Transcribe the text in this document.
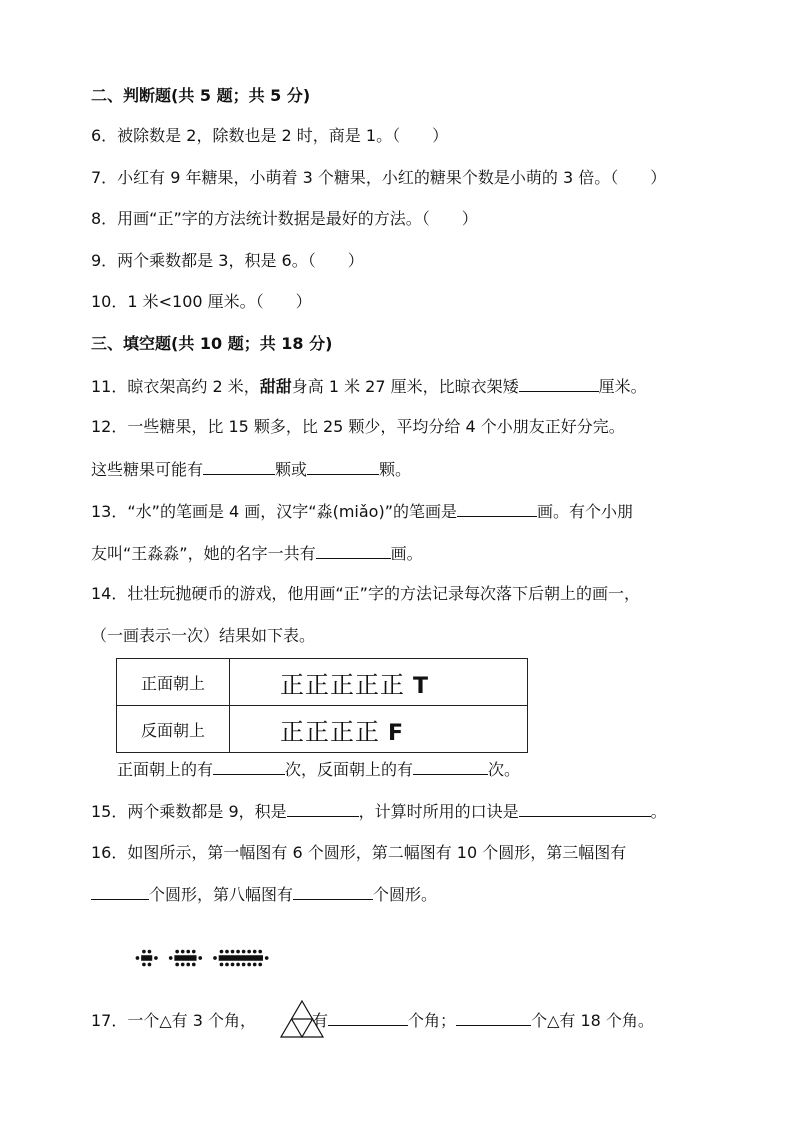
二、判断题(共 5 题；共 5 分)
6．被除数是 2，除数也是 2 时，商是 1。（　　）
7．小红有 9 年糖果，小萌着 3 个糖果，小红的糖果个数是小萌的 3 倍。（　　）
8．用画“正”字的方法统计数据是最好的方法。（　　）
9．两个乘数都是 3，积是 6。（　　）
10．1 米<100 厘米。（　　）
三、填空题(共 10 题；共 18 分)
11．晾衣架高约 2 米，甜甜身高 1 米 27 厘米，比晾衣架矮	厘米。
12．一些糖果，比 15 颗多，比 25 颗少，平均分给 4 个小朋友正好分完。
这些糖果可能有	颗或	颗。
13．“水”的笔画是 4 画，汉字“淼(miǎo)”的笔画是	画。有个小朋
友叫“王淼淼”，她的名字一共有	画。
14．壮壮玩抛硬币的游戏，他用画“正”字的方法记录每次落下后朝上的画一，
（一画表示一次）结果如下表。
正面朝上	正正正正正 T
反面朝上	正正正正 F
正面朝上的有	次，反面朝上的有	次。
15．两个乘数都是 9，积是	，计算时所用的口诀是	。
16．如图所示，第一幅图有 6 个圆形，第二幅图有 10 个圆形，第三幅图有
个圆形，第八幅图有	个圆形。
17．一个△有 3 个角，	有	个角；	个△有 18 个角。
